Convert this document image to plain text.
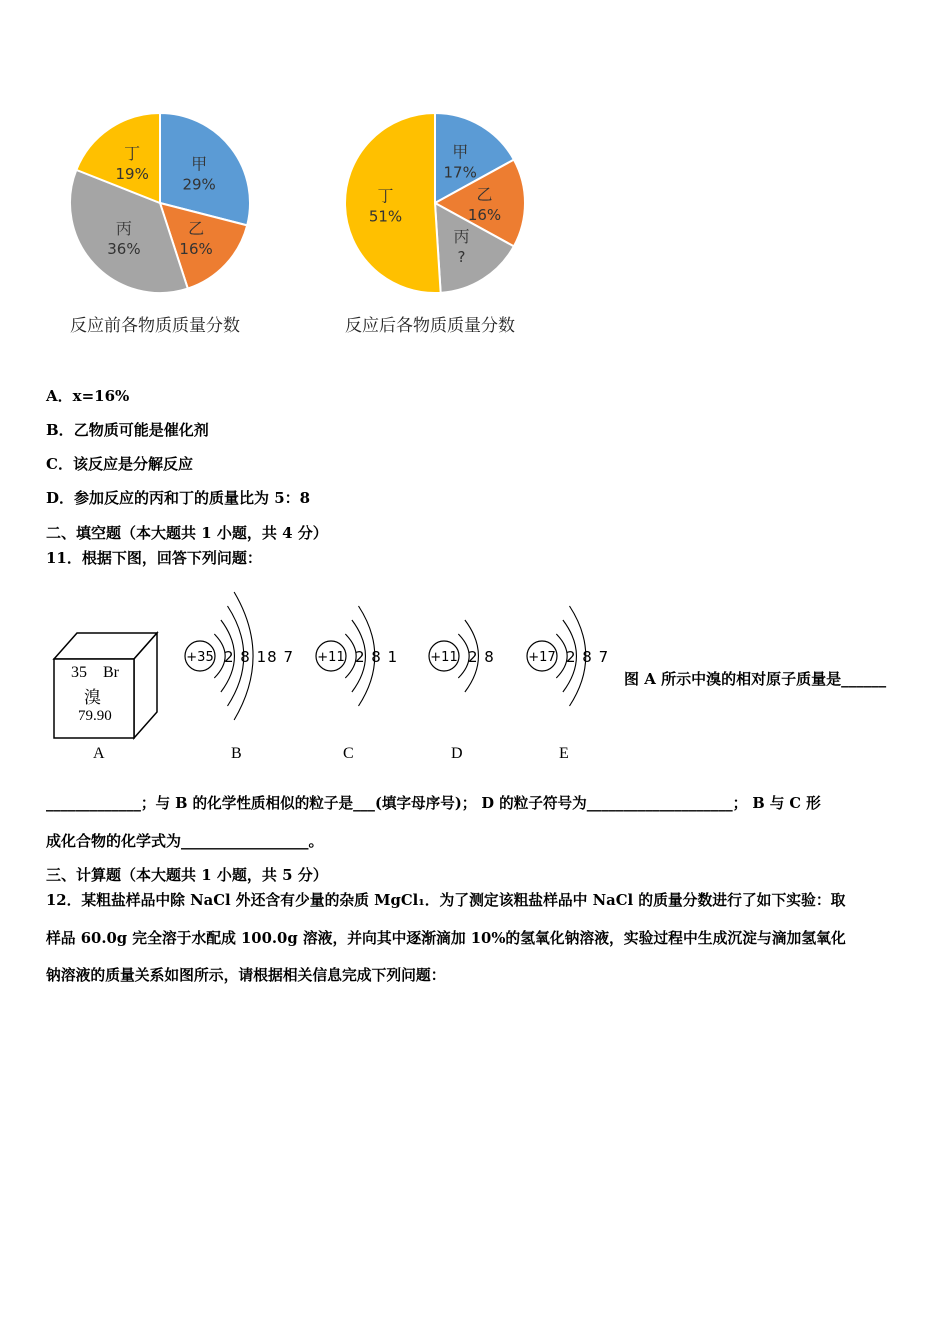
甲
29%
乙
16%
丙
36%
丁
19%
反应前各物质质量分数
甲
17%
乙
16%
丙
?
丁
51%
反应后各物质质量分数
A．x=16%
B．乙物质可能是催化剂
C．该反应是分解反应
D．参加反应的丙和丁的质量比为 5：8
二、填空题（本大题共 1 小题，共 4 分）
11．根据下图，回答下列问题：
35 Br
溴
79.90
A
+35 2 8 18 7 +11 2 8 1 +11 2 8	+17 2 8 7
B	C	D	E
图 A 所示中溴的相对原子质量是______
_____________；与 B 的化学性质相似的粒子是___(填字母序号)； D 的粒子符号为____________________； B 与 C 形
成化合物的化学式为_________________。
三、计算题（本大题共 1 小题，共 5 分）
12．某粗盐样品中除 NaCl 外还含有少量的杂质 MgCl₁．为了测定该粗盐样品中 NaCl 的质量分数进行了如下实验：取
样品 60.0g 完全溶于水配成 100.0g 溶液，并向其中逐渐滴加 10%的氢氧化钠溶液，实验过程中生成沉淀与滴加氢氧化
钠溶液的质量关系如图所示，请根据相关信息完成下列问题：
